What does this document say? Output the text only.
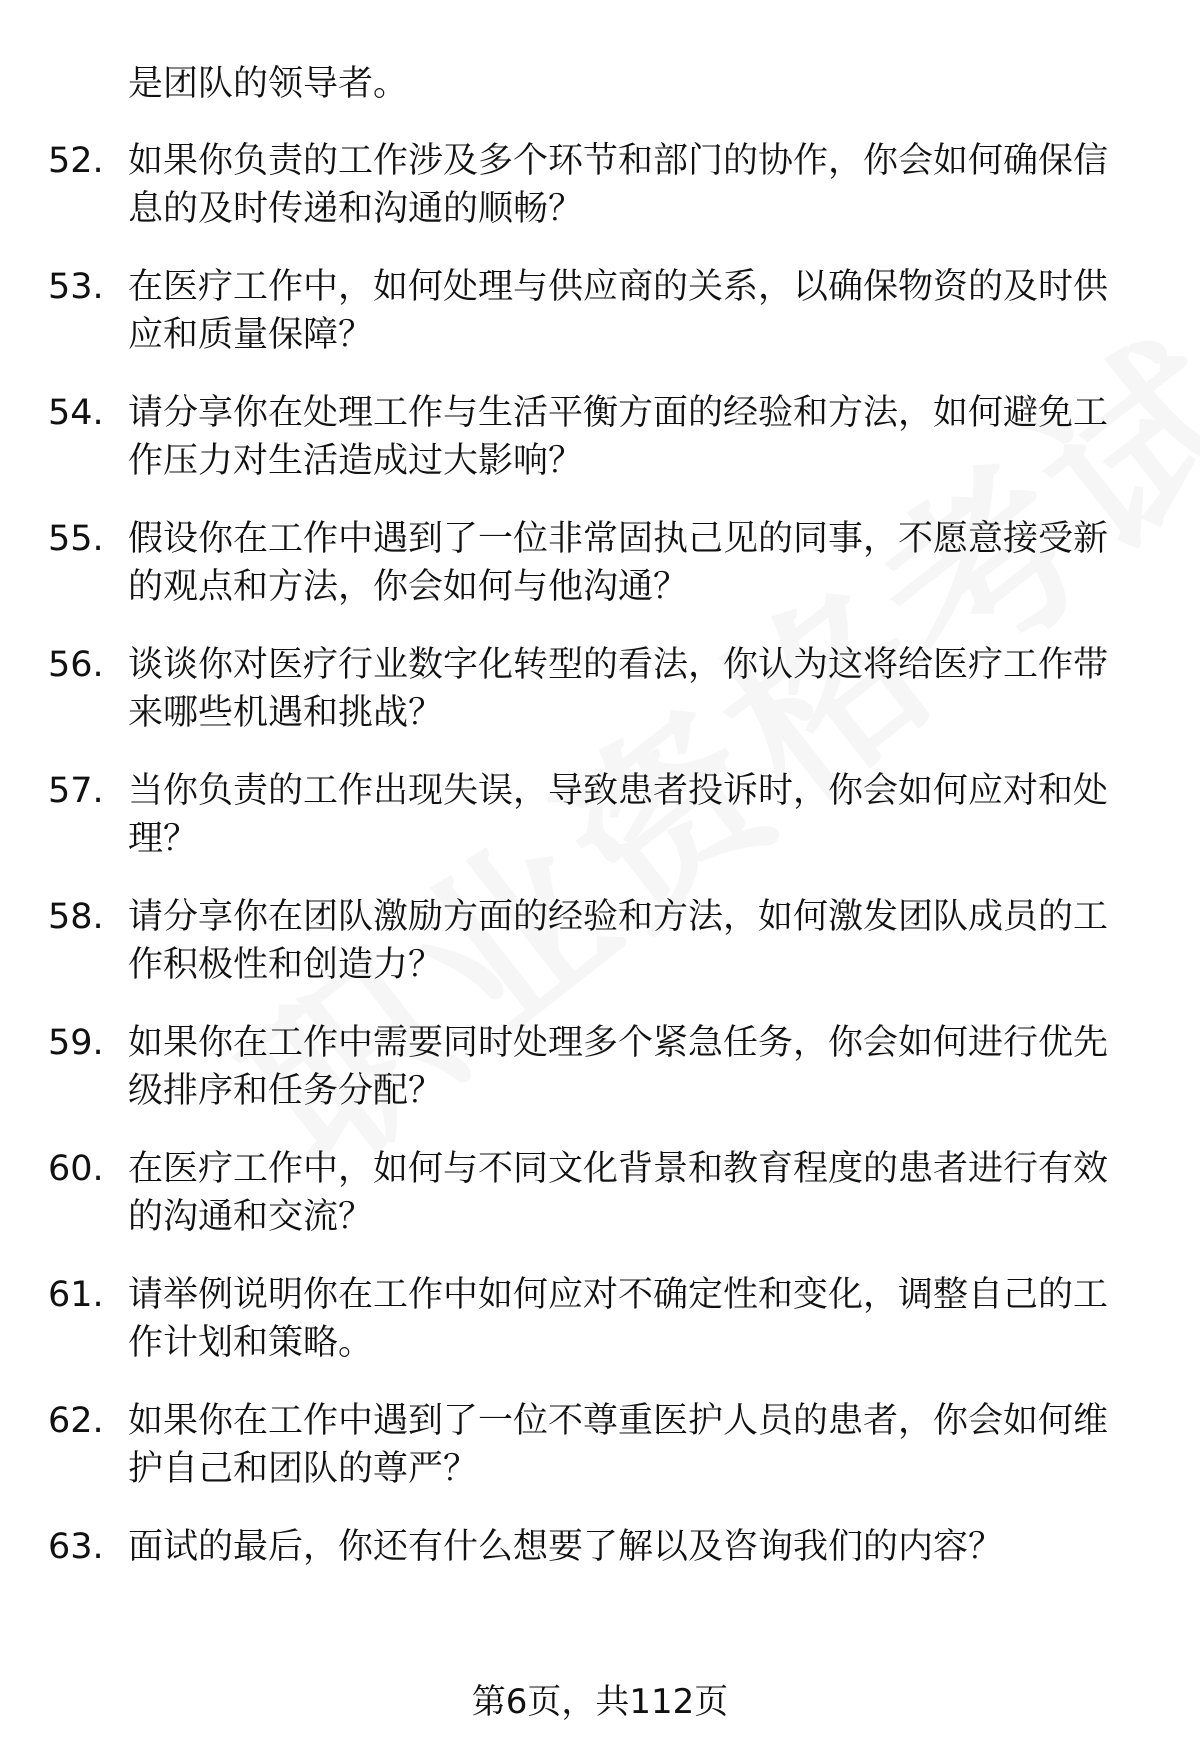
是团队的领导者。

52. 如果你负责的工作涉及多个环节和部门的协作，你会如何确保信息的及时传递和沟通的顺畅？

53. 在医疗工作中，如何处理与供应商的关系，以确保物资的及时供应和质量保障？

54. 请分享你在处理工作与生活平衡方面的经验和方法，如何避免工作压力对生活造成过大影响？

55. 假设你在工作中遇到了一位非常固执己见的同事，不愿意接受新的观点和方法，你会如何与他沟通？

56. 谈谈你对医疗行业数字化转型的看法，你认为这将给医疗工作带来哪些机遇和挑战？

57. 当你负责的工作出现失误，导致患者投诉时，你会如何应对和处理？

58. 请分享你在团队激励方面的经验和方法，如何激发团队成员的工作积极性和创造力？

59. 如果你在工作中需要同时处理多个紧急任务，你会如何进行优先级排序和任务分配？

60. 在医疗工作中，如何与不同文化背景和教育程度的患者进行有效的沟通和交流？

61. 请举例说明你在工作中如何应对不确定性和变化，调整自己的工作计划和策略。

62. 如果你在工作中遇到了一位不尊重医护人员的患者，你会如何维护自己和团队的尊严？

63. 面试的最后，你还有什么想要了解以及咨询我们的内容？

第6页，共112页
